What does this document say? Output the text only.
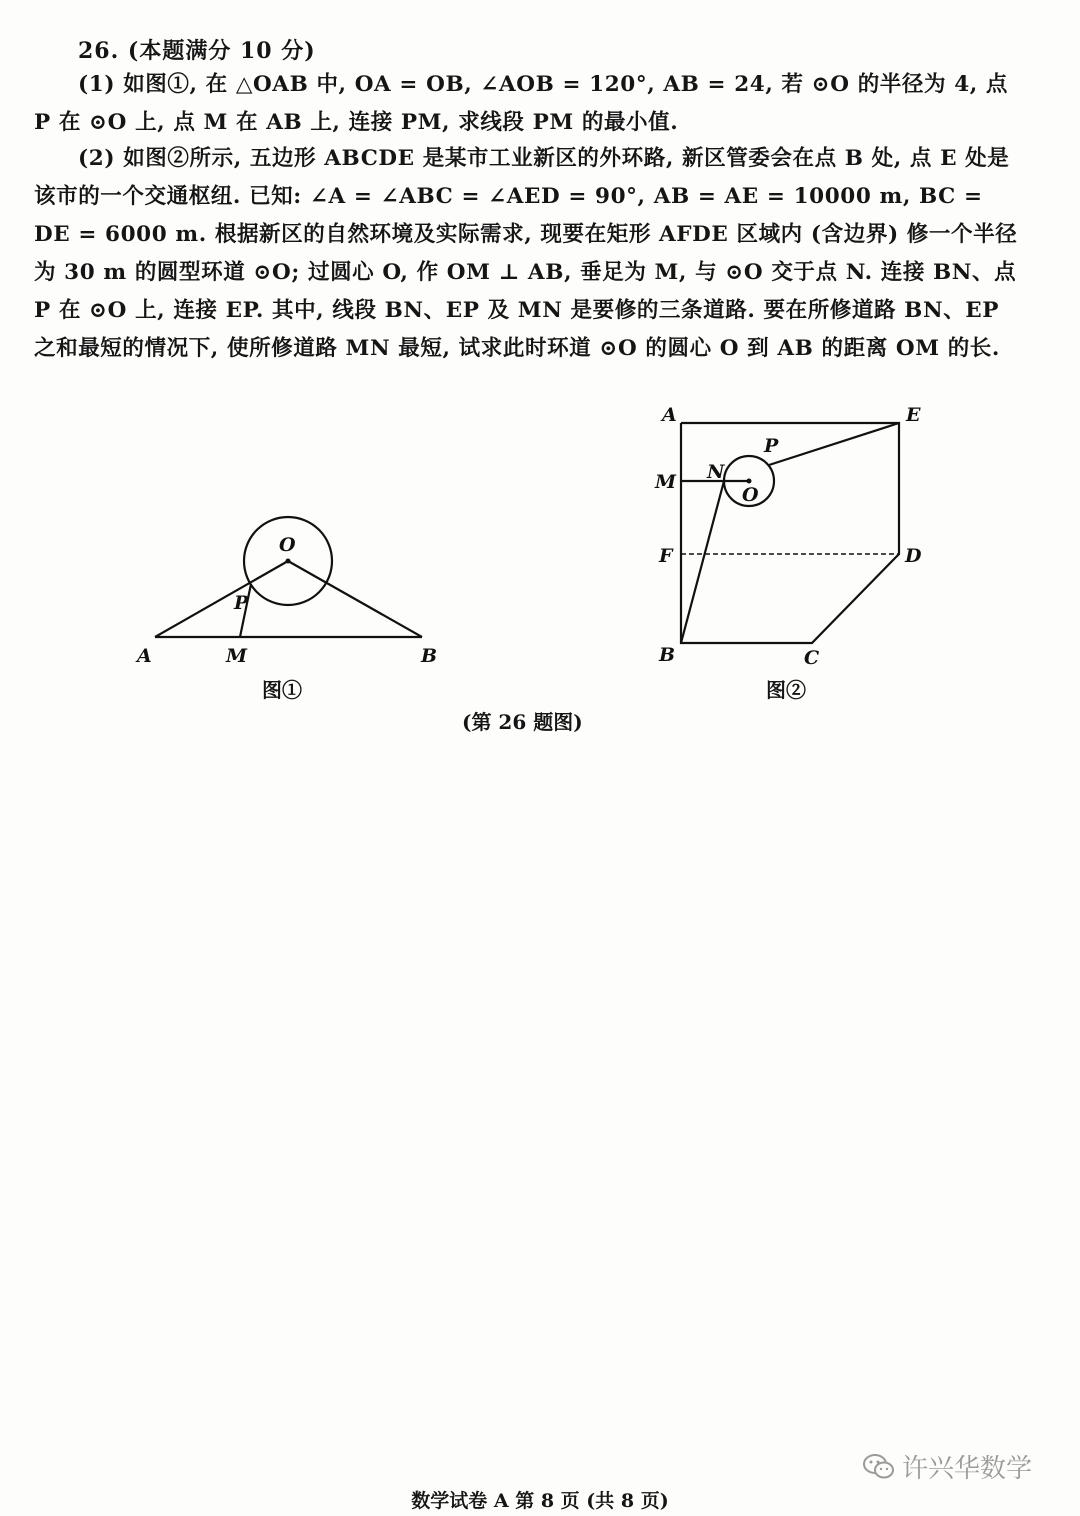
26. (本题满分 10 分)
(1) 如图①, 在 △OAB 中, OA = OB, ∠AOB = 120°, AB = 24, 若 ⊙O 的半径为 4, 点 P 在 ⊙O 上, 点 M 在 AB 上, 连接 PM, 求线段 PM 的最小值.
(2) 如图②所示, 五边形 ABCDE 是某市工业新区的外环路, 新区管委会在点 B 处, 点 E 处是该市的一个交通枢纽. 已知: ∠A = ∠ABC = ∠AED = 90°, AB = AE = 10000 m, BC = DE = 6000 m. 根据新区的自然环境及实际需求, 现要在矩形 AFDE 区域内 (含边界) 修一个半径为 30 m 的圆型环道 ⊙O; 过圆心 O, 作 OM ⊥ AB, 垂足为 M, 与 ⊙O 交于点 N. 连接 BN、点 P 在 ⊙O 上, 连接 EP. 其中, 线段 BN、EP 及 MN 是要修的三条道路. 要在所修道路 BN、EP 之和最短的情况下, 使所修道路 MN 最短, 试求此时环道 ⊙O 的圆心 O 到 AB 的距离 OM 的长.
O
P
A	M	B
图①
A	E
P
M N
O
F	D
B	C
图②
(第 26 题图)
许兴华数学
数学试卷 A 第 8 页 (共 8 页)
